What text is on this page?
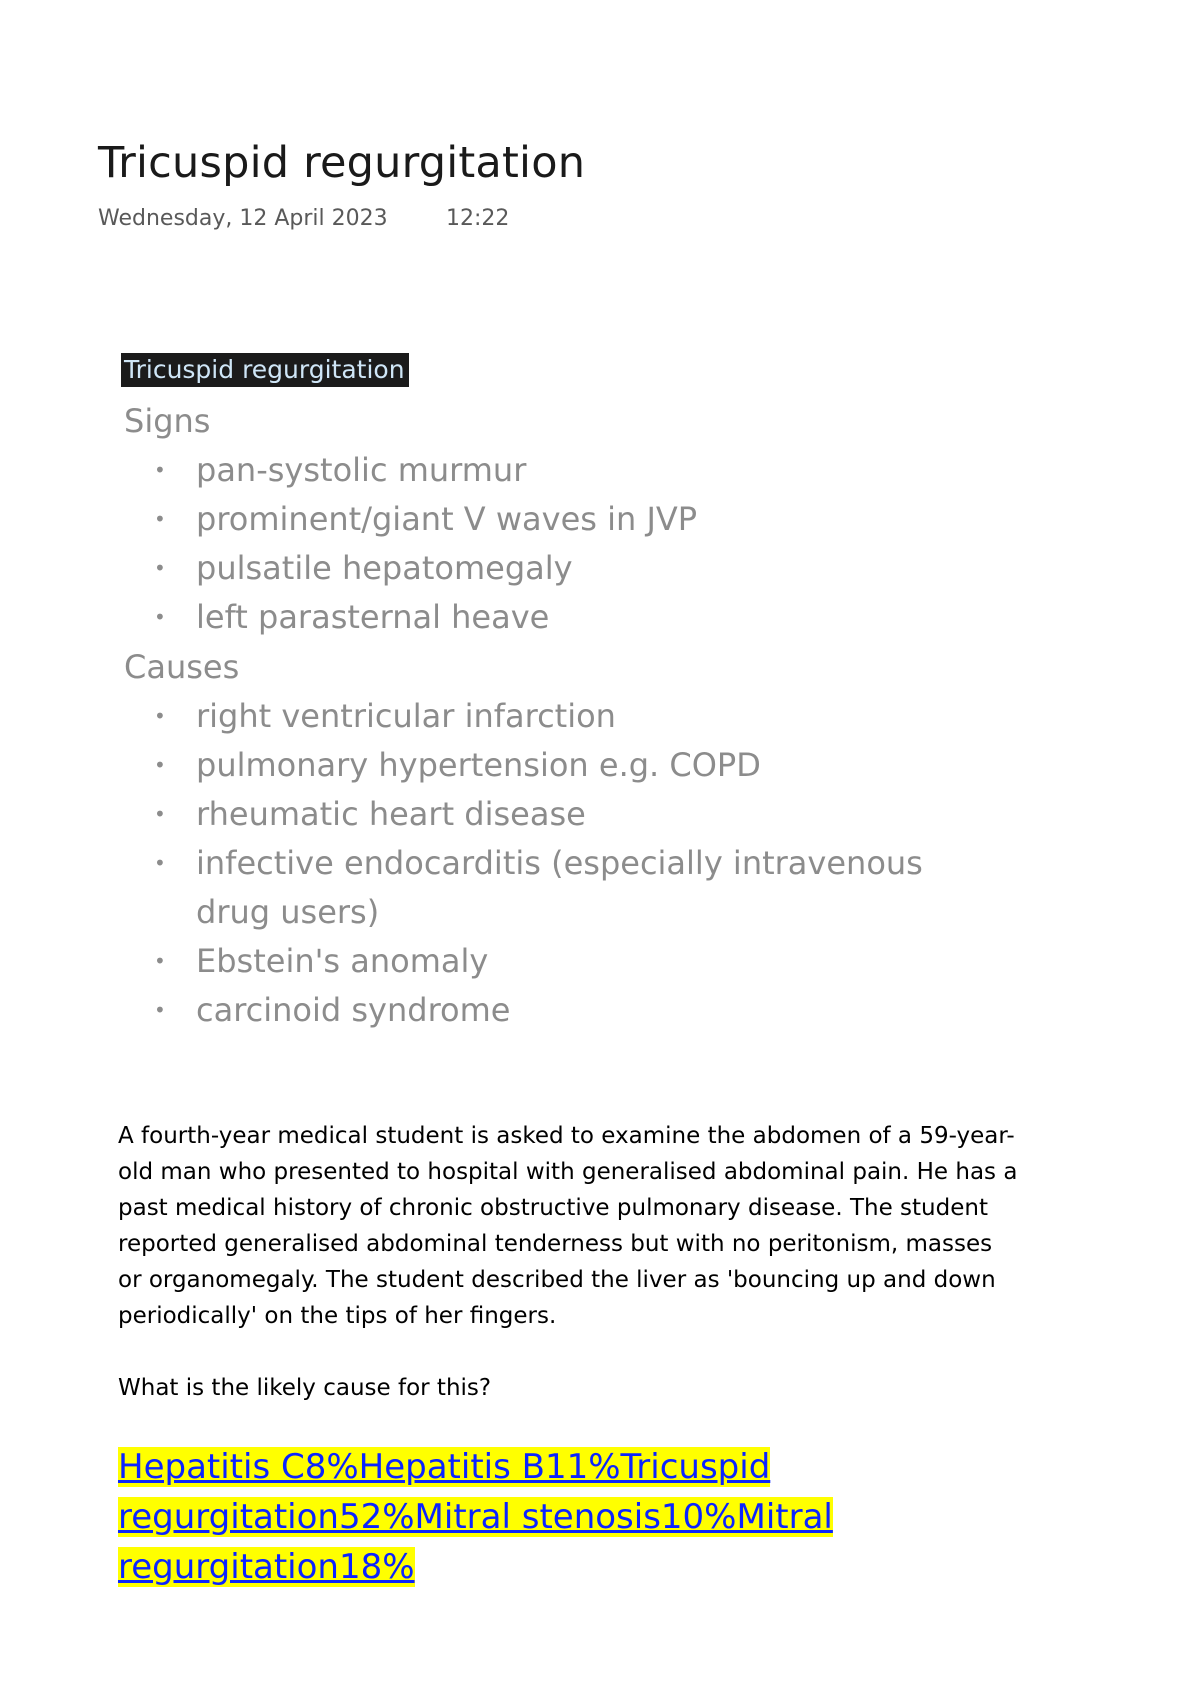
Tricuspid regurgitation
Wednesday, 12 April 2023	12:22
Tricuspid regurgitation
Signs
• pan-systolic murmur
• prominent/giant V waves in JVP
• pulsatile hepatomegaly
• left parasternal heave
Causes
• right ventricular infarction
• pulmonary hypertension e.g. COPD
• rheumatic heart disease
• infective endocarditis (especially intravenous drug users)
• Ebstein's anomaly
• carcinoid syndrome

A fourth-year medical student is asked to examine the abdomen of a 59-year-old man who presented to hospital with generalised abdominal pain. He has a past medical history of chronic obstructive pulmonary disease. The student reported generalised abdominal tenderness but with no peritonism, masses or organomegaly. The student described the liver as 'bouncing up and down periodically' on the tips of her fingers.

What is the likely cause for this?

Hepatitis C8%Hepatitis B11%Tricuspid regurgitation52%Mitral stenosis10%Mitral regurgitation18%
